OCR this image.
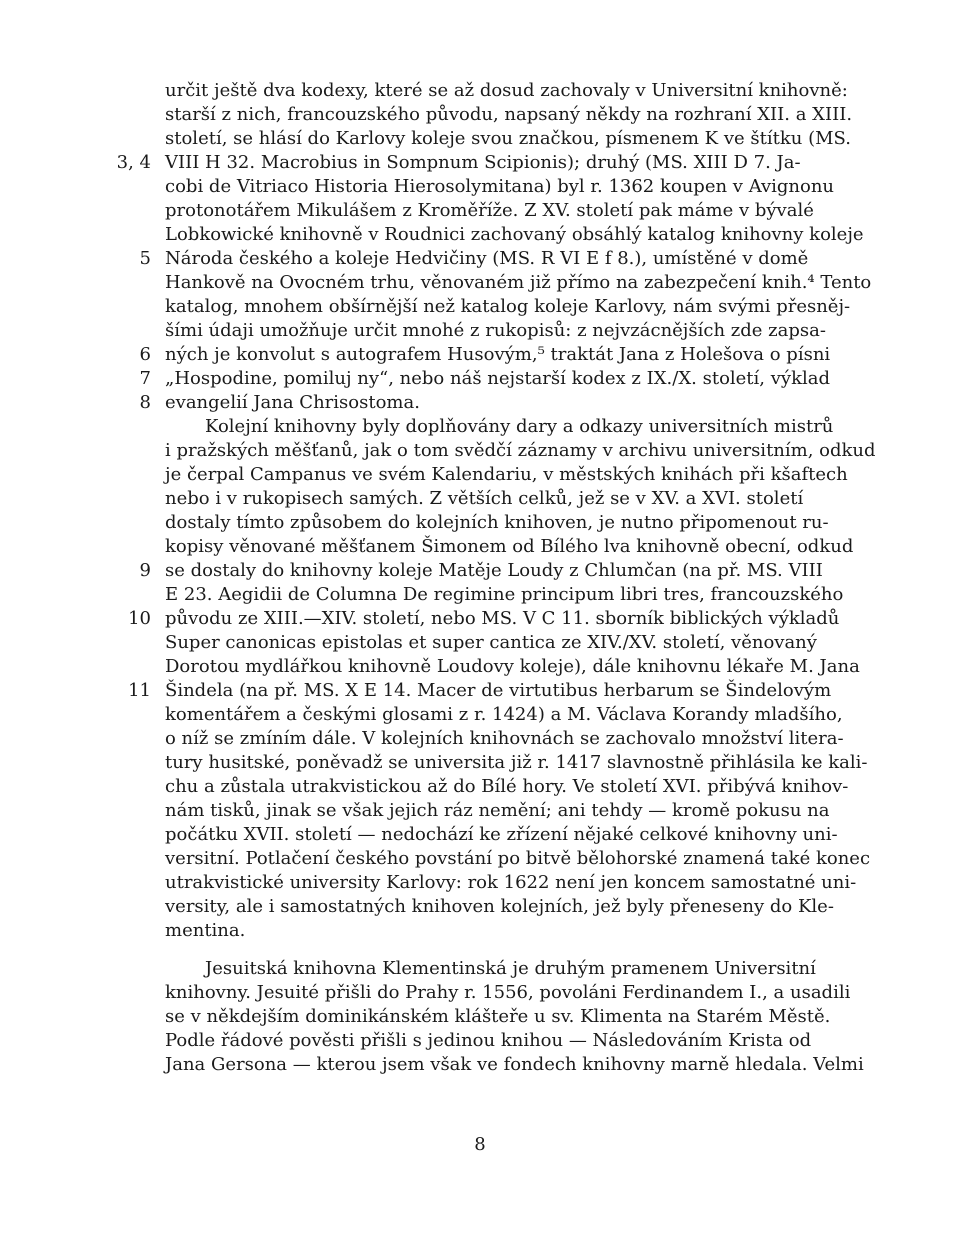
určit ještě dva kodexy, které se až dosud zachovaly v Universitní knihovně:
starší z nich, francouzského původu, napsaný někdy na rozhraní XII. a XIII.
století, se hlásí do Karlovy koleje svou značkou, písmenem K ve štítku (MS.
VIII H 32. Macrobius in Sompnum Scipionis); druhý (MS. XIII D 7. Ja-
cobi de Vitriaco Historia Hierosolymitana) byl r. 1362 koupen v Avignonu
protonotářem Mikulášem z Kroměříže. Z XV. století pak máme v bývalé
Lobkowické knihovně v Roudnici zachovaný obsáhlý katalog knihovny koleje
Národa českého a koleje Hedvičiny (MS. R VI E f 8.), umístěné v domě
Hankově na Ovocném trhu, věnovaném již přímo na zabezpečení knih.⁴ Tento
katalog, mnohem obšírnější než katalog koleje Karlovy, nám svými přesněj-
šími údaji umožňuje určit mnohé z rukopisů: z nejvzácnějších zde zapsa-
ných je konvolut s autografem Husovým,⁵ traktát Jana z Holešova o písni
„Hospodine, pomiluj ny“, nebo náš nejstarší kodex z IX./X. století, výklad
evangelií Jana Chrisostoma.
Kolejní knihovny byly doplňovány dary a odkazy universitních mistrů
i pražských měšťanů, jak o tom svědčí záznamy v archivu universitním, odkud
je čerpal Campanus ve svém Kalendariu, v městských knihách při kšaftech
nebo i v rukopisech samých. Z větších celků, jež se v XV. a XVI. století
dostaly tímto způsobem do kolejních knihoven, je nutno připomenout ru-
kopisy věnované měšťanem Šimonem od Bílého lva knihovně obecní, odkud
se dostaly do knihovny koleje Matěje Loudy z Chlumčan (na př. MS. VIII
E 23. Aegidii de Columna De regimine principum libri tres, francouzského
původu ze XIII.—XIV. století, nebo MS. V C 11. sborník biblických výkladů
Super canonicas epistolas et super cantica ze XIV./XV. století, věnovaný
Dorotou mydlářkou knihovně Loudovy koleje), dále knihovnu lékaře M. Jana
Šindela (na př. MS. X E 14. Macer de virtutibus herbarum se Šindelovým
komentářem a českými glosami z r. 1424) a M. Václava Korandy mladšího,
o níž se zmíním dále. V kolejních knihovnách se zachovalo množství litera-
tury husitské, poněvadž se universita již r. 1417 slavnostně přihlásila ke kali-
chu a zůstala utrakvistickou až do Bílé hory. Ve století XVI. přibývá knihov-
nám tisků, jinak se však jejich ráz nemění; ani tehdy — kromě pokusu na
počátku XVII. století — nedochází ke zřízení nějaké celkové knihovny uni-
versitní. Potlačení českého povstání po bitvě bělohorské znamená také konec
utrakvistické university Karlovy: rok 1622 není jen koncem samostatné uni-
versity, ale i samostatných knihoven kolejních, jež byly přeneseny do Kle-
mentina.
Jesuitská knihovna Klementinská je druhým pramenem Universitní
knihovny. Jesuité přišli do Prahy r. 1556, povoláni Ferdinandem I., a usadili
se v někdejším dominikánském klášteře u sv. Klimenta na Starém Městě.
Podle řádové pověsti přišli s jedinou knihou — Následováním Krista od
Jana Gersona — kterou jsem však ve fondech knihovny marně hledala. Velmi
3, 4
5
6
7
8
9
10
11
8
